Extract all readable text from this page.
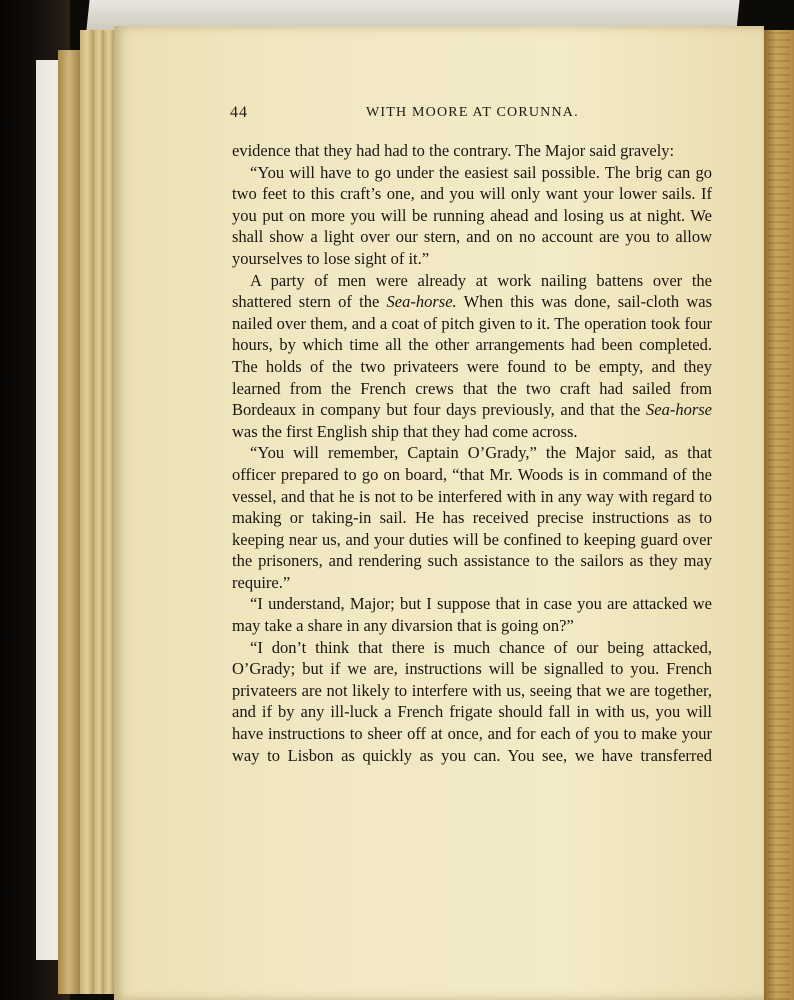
44	WITH MOORE AT CORUNNA.

evidence that they had had to the contrary. The Major said gravely:

“You will have to go under the easiest sail possible. The brig can go two feet to this craft’s one, and you will only want your lower sails. If you put on more you will be running ahead and losing us at night. We shall show a light over our stern, and on no account are you to allow yourselves to lose sight of it.”

A party of men were already at work nailing battens over the shattered stern of the Sea-horse. When this was done, sail-cloth was nailed over them, and a coat of pitch given to it. The operation took four hours, by which time all the other arrangements had been completed. The holds of the two privateers were found to be empty, and they learned from the French crews that the two craft had sailed from Bordeaux in company but four days previously, and that the Sea-horse was the first English ship that they had come across.

“You will remember, Captain O’Grady,” the Major said, as that officer prepared to go on board, “that Mr. Woods is in command of the vessel, and that he is not to be interfered with in any way with regard to making or taking-in sail. He has received precise instructions as to keeping near us, and your duties will be confined to keeping guard over the prisoners, and rendering such assistance to the sailors as they may require.”

“I understand, Major; but I suppose that in case you are attacked we may take a share in any divarsion that is going on?”

“I don’t think that there is much chance of our being attacked, O’Grady; but if we are, instructions will be signalled to you. French privateers are not likely to interfere with us, seeing that we are together, and if by any ill-luck a French frigate should fall in with us, you will have instructions to sheer off at once, and for each of you to make your way to Lisbon as quickly as you can. You see, we have transferred
